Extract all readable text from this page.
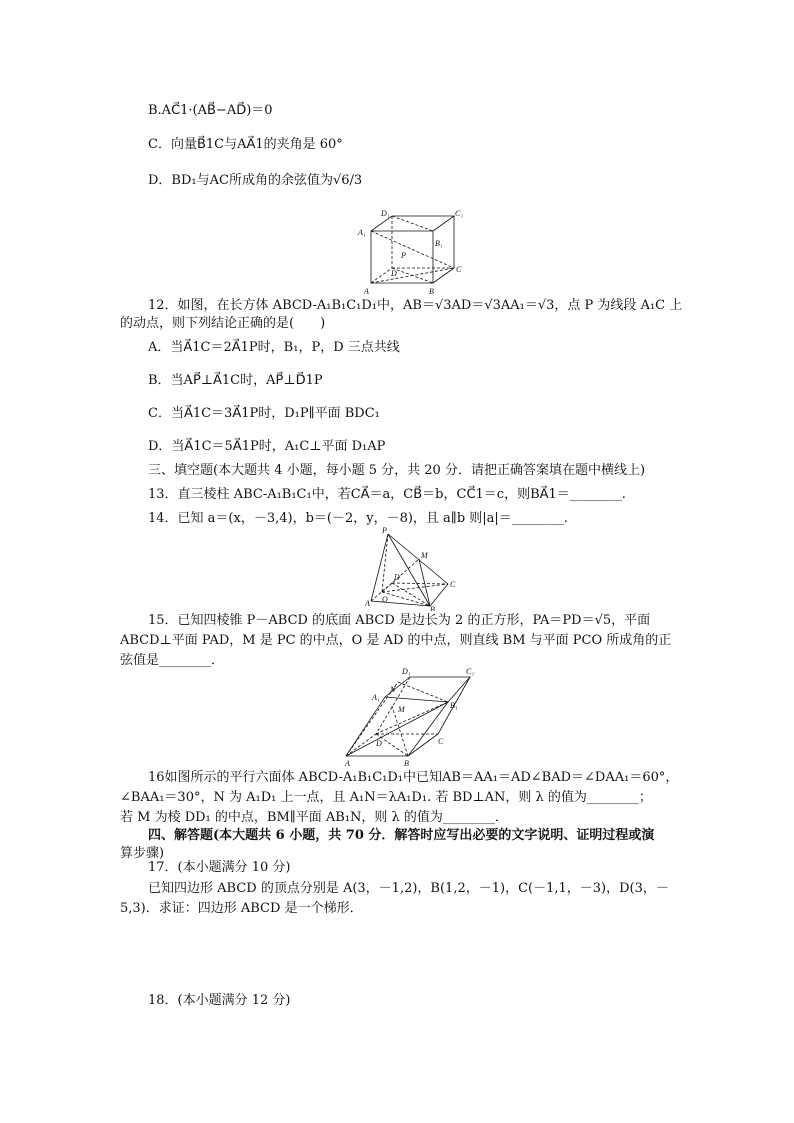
B.AC⃗1·(AB⃗−AD⃗)＝0
C．向量B⃗1C与AA⃗1的夹角是 60°
D．BD₁与AC所成角的余弦值为√6/3
D₁	C₁
A₁
B₁
P
D	C
A	B
12．如图，在长方体 ABCD-A₁B₁C₁D₁中，AB＝√3AD＝√3AA₁＝√3，点 P 为线段 A₁C 上
的动点，则下列结论正确的是(　　)
A．当A⃗1C＝2A⃗1P时，B₁，P，D 三点共线
B．当AP⃗⊥A⃗1C时，AP⃗⊥D⃗1P
C．当A⃗1C＝3A⃗1P时，D₁P∥平面 BDC₁
D．当A⃗1C＝5A⃗1P时，A₁C⊥平面 D₁AP
三、填空题(本大题共 4 小题，每小题 5 分，共 20 分．请把正确答案填在题中横线上)
13．直三棱柱 ABC-A₁B₁C₁中，若CA⃗＝a，CB⃗＝b，CC⃗1＝c，则BA⃗1＝________.
14．已知 a＝(x，－3,4)，b＝(－2，y，－8)，且 a∥b 则|a|＝________.
P
M
D
C
A O
B
15．已知四棱锥 P－ABCD 的底面 ABCD 是边长为 2 的正方形，PA＝PD＝√5，平面
ABCD⊥平面 PAD，M 是 PC 的中点，O 是 AD 的中点，则直线 BM 与平面 PCO 所成角的正
弦值是________．
D₁	C₁
A₁
N
B₁
M
D	C
A	B
16如图所示的平行六面体 ABCD-A₁B₁C₁D₁中已知AB＝AA₁＝AD∠BAD＝∠DAA₁＝60°，
∠BAA₁＝30°，N 为 A₁D₁ 上一点，且 A₁N＝λA₁D₁. 若 BD⊥AN，则 λ 的值为________；
若 M 为棱 DD₁ 的中点，BM∥平面 AB₁N，则 λ 的值为________．
四、解答题(本大题共 6 小题，共 70 分．解答时应写出必要的文字说明、证明过程或演
算步骤)
17．(本小题满分 10 分)
已知四边形 ABCD 的顶点分别是 A(3，－1,2)，B(1,2，－1)，C(－1,1，－3)，D(3，－
5,3)．求证：四边形 ABCD 是一个梯形．
18．(本小题满分 12 分)
